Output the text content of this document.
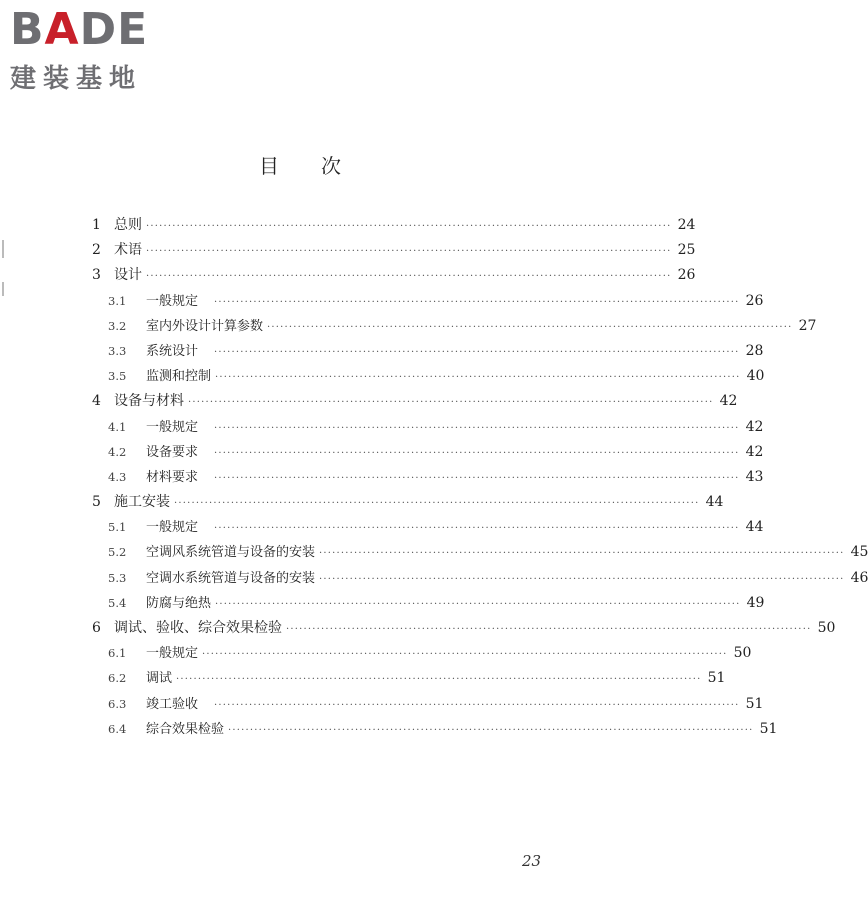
BADE
建装基地
目次
1 总则 ························································································································ 24
2 术语 ························································································································ 25
3 设计 ························································································································ 26
3.1	一般规定 ························································································································ 26
3.2	室内外设计计算参数 ························································································································ 27
3.3	系统设计 ························································································································ 28
3.5	监测和控制 ························································································································ 40
4 设备与材料 ························································································································ 42
4.1	一般规定 ························································································································ 42
4.2	设备要求 ························································································································ 42
4.3	材料要求 ························································································································ 43
5 施工安装 ························································································································ 44
5.1	一般规定 ························································································································ 44
5.2	空调风系统管道与设备的安装 ························································································································ 45
5.3	空调水系统管道与设备的安装 ························································································································ 46
5.4	防腐与绝热 ························································································································ 49
6 调试、验收、综合效果检验 ························································································································ 50
6.1	一般规定 ························································································································ 50
6.2	调试 ························································································································ 51
6.3	竣工验收 ························································································································ 51
6.4	综合效果检验 ························································································································ 51
23
